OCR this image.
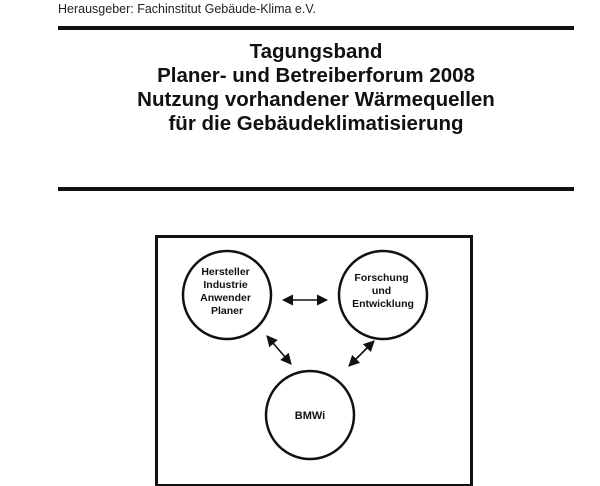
Herausgeber: Fachinstitut Gebäude-Klima e.V.
Tagungsband
Planer- und Betreiberforum 2008
Nutzung vorhandener Wärmequellen
für die Gebäudeklimatisierung
Hersteller Industrie Anwender Planer
Forschung und Entwicklung
BMWi
